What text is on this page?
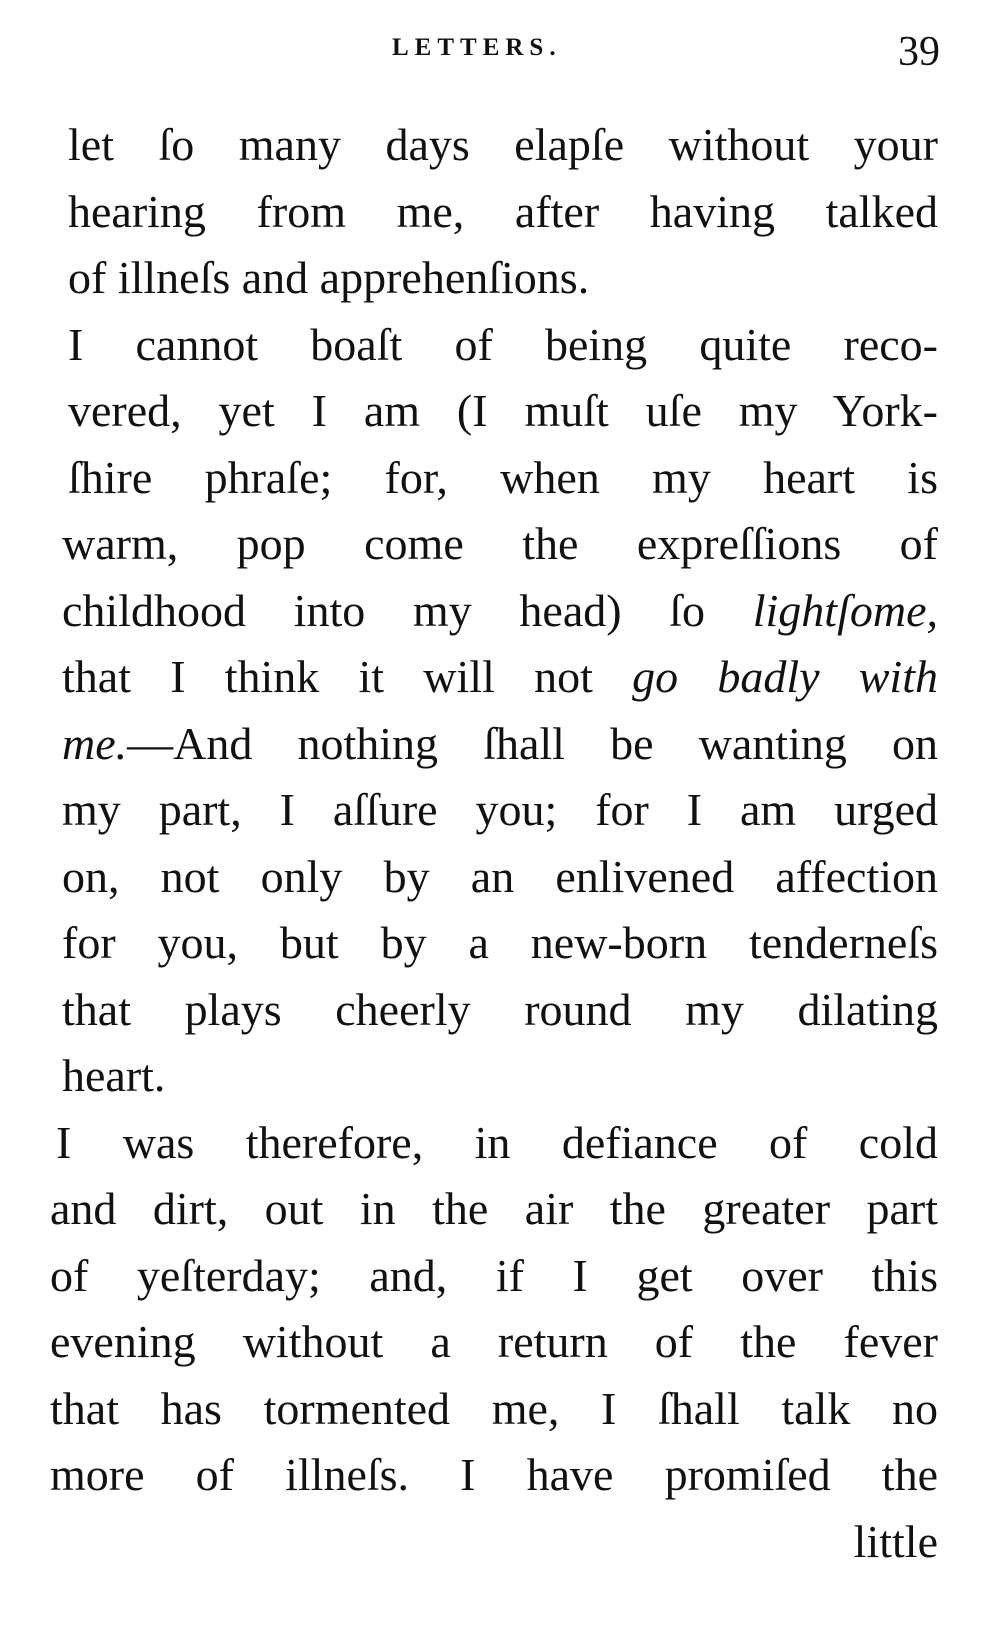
LETTERS.	39
let ſo many days elapſe without your
hearing from me, after having talked
of illneſs and apprehenſions.
I cannot boaſt of being quite reco-
vered, yet I am (I muſt uſe my York-
ſhire phraſe; for, when my heart is
warm, pop come the expreſſions of
childhood into my head) ſo lightſome,
that I think it will not go badly with
me.—And nothing ſhall be wanting on
my part, I aſſure you; for I am urged
on, not only by an enlivened affection
for you, but by a new-born tenderneſs
that plays cheerly round my dilating
heart.
I was therefore, in defiance of cold
and dirt, out in the air the greater part
of yeſterday; and, if I get over this
evening without a return of the fever
that has tormented me, I ſhall talk no
more of illneſs. I have promiſed the
little
